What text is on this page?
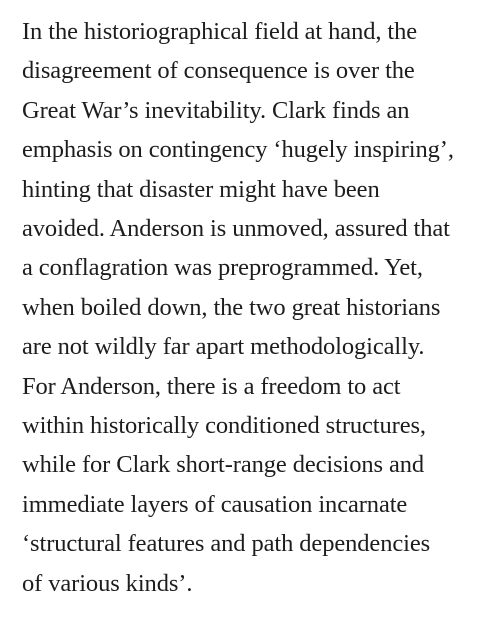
In the historiographical field at hand, the
disagreement of consequence is over the
Great War’s inevitability. Clark finds an
emphasis on contingency ‘hugely inspiring’,
hinting that disaster might have been
avoided. Anderson is unmoved, assured that
a conflagration was preprogrammed. Yet,
when boiled down, the two great historians
are not wildly far apart methodologically.
For Anderson, there is a freedom to act
within historically conditioned structures,
while for Clark short-range decisions and
immediate layers of causation incarnate
‘structural features and path dependencies
of various kinds’.
